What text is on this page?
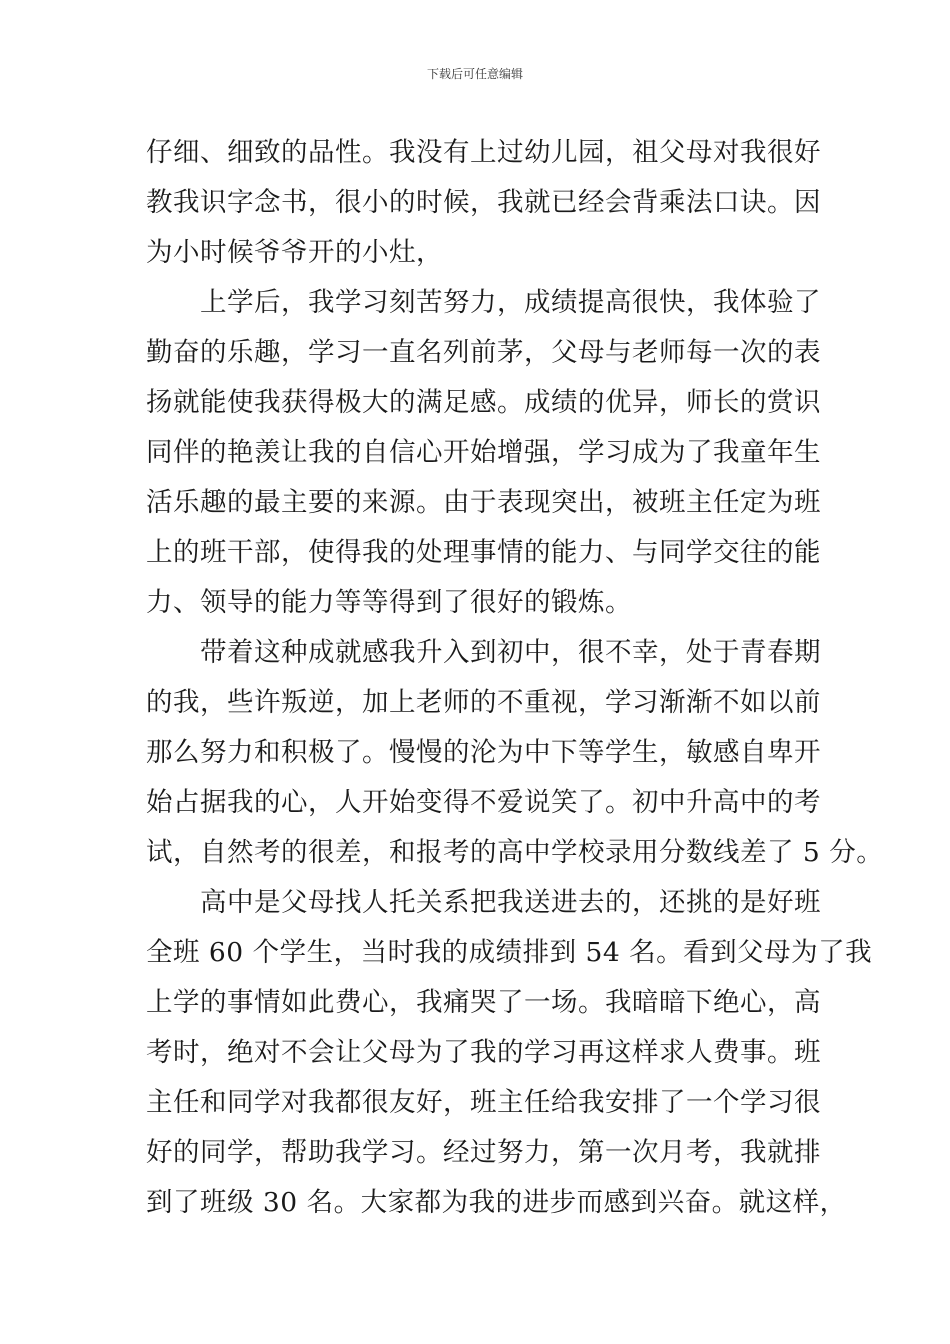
下载后可任意编辑
仔细、细致的品性。我没有上过幼儿园，祖父母对我很好
教我识字念书，很小的时候，我就已经会背乘法口诀。因
为小时候爷爷开的小灶，
　　上学后，我学习刻苦努力，成绩提高很快，我体验了
勤奋的乐趣，学习一直名列前茅，父母与老师每一次的表
扬就能使我获得极大的满足感。成绩的优异，师长的赏识
同伴的艳羡让我的自信心开始增强，学习成为了我童年生
活乐趣的最主要的来源。由于表现突出，被班主任定为班
上的班干部，使得我的处理事情的能力、与同学交往的能
力、领导的能力等等得到了很好的锻炼。
　　带着这种成就感我升入到初中，很不幸，处于青春期
的我，些许叛逆，加上老师的不重视，学习渐渐不如以前
那么努力和积极了。慢慢的沦为中下等学生，敏感自卑开
始占据我的心，人开始变得不爱说笑了。初中升高中的考
试，自然考的很差，和报考的高中学校录用分数线差了 5 分。
　　高中是父母找人托关系把我送进去的，还挑的是好班
全班 60 个学生，当时我的成绩排到 54 名。看到父母为了我
上学的事情如此费心，我痛哭了一场。我暗暗下绝心，高
考时，绝对不会让父母为了我的学习再这样求人费事。班
主任和同学对我都很友好，班主任给我安排了一个学习很
好的同学，帮助我学习。经过努力，第一次月考，我就排
到了班级 30 名。大家都为我的进步而感到兴奋。就这样，
